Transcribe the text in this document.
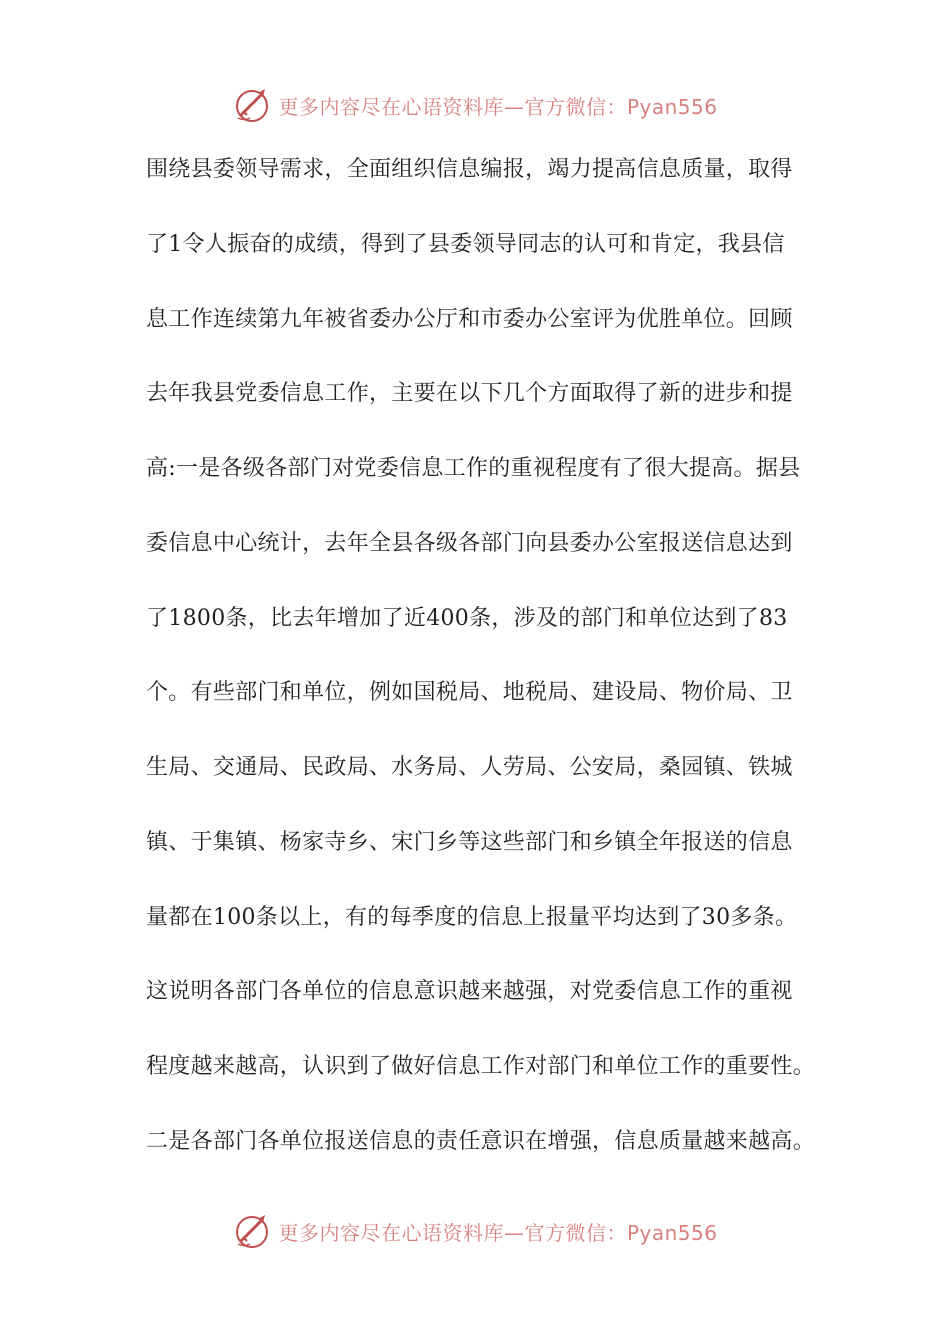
更多内容尽在心语资料库—官方微信：Pyan556
围绕县委领导需求，全面组织信息编报，竭力提高信息质量，取得
了1令人振奋的成绩，得到了县委领导同志的认可和肯定，我县信
息工作连续第九年被省委办公厅和市委办公室评为优胜单位。回顾
去年我县党委信息工作，主要在以下几个方面取得了新的进步和提
高:一是各级各部门对党委信息工作的重视程度有了很大提高。据县
委信息中心统计，去年全县各级各部门向县委办公室报送信息达到
了1800条，比去年增加了近400条，涉及的部门和单位达到了83
个。有些部门和单位，例如国税局、地税局、建设局、物价局、卫
生局、交通局、民政局、水务局、人劳局、公安局，桑园镇、铁城
镇、于集镇、杨家寺乡、宋门乡等这些部门和乡镇全年报送的信息
量都在100条以上，有的每季度的信息上报量平均达到了30多条。
这说明各部门各单位的信息意识越来越强，对党委信息工作的重视
程度越来越高，认识到了做好信息工作对部门和单位工作的重要性。
二是各部门各单位报送信息的责任意识在增强，信息质量越来越高。
更多内容尽在心语资料库—官方微信：Pyan556
